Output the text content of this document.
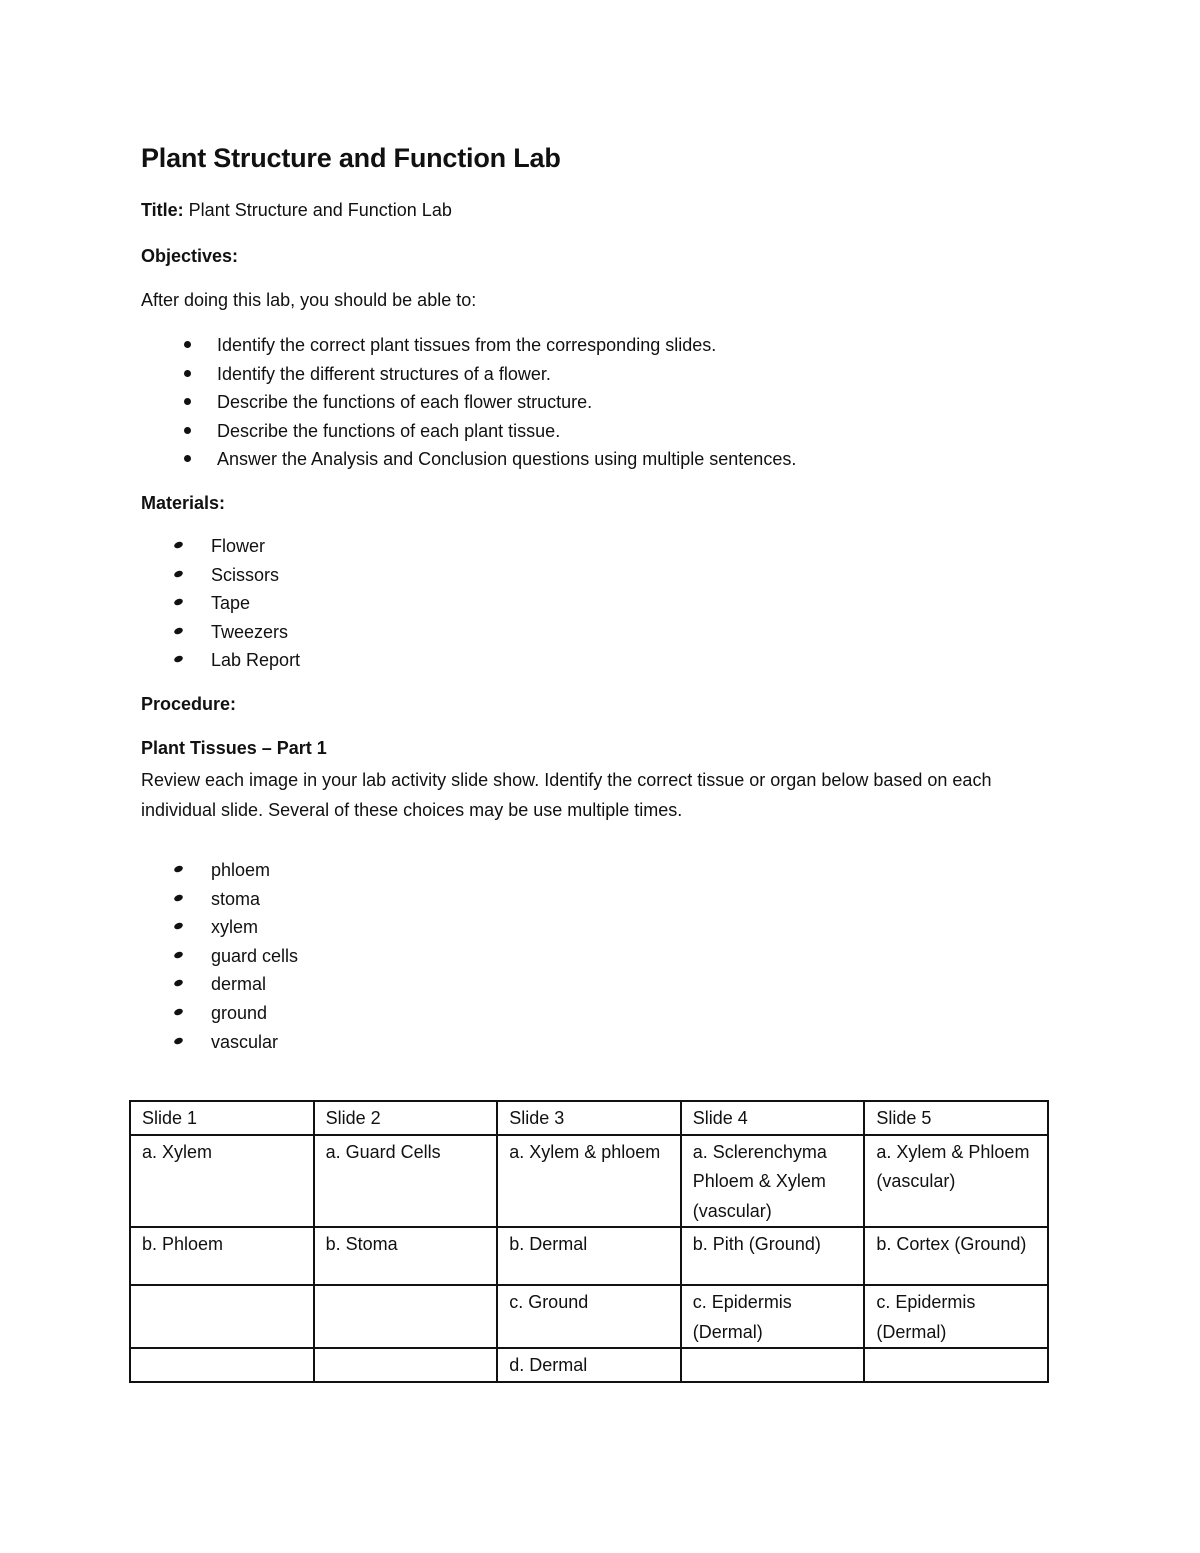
Plant Structure and Function Lab
Title: Plant Structure and Function Lab
Objectives:
After doing this lab, you should be able to:
Identify the correct plant tissues from the corresponding slides.
Identify the different structures of a flower.
Describe the functions of each flower structure.
Describe the functions of each plant tissue.
Answer the Analysis and Conclusion questions using multiple sentences.
Materials:
Flower
Scissors
Tape
Tweezers
Lab Report
Procedure:
Plant Tissues – Part 1
Review each image in your lab activity slide show. Identify the correct tissue or organ below based on each individual slide. Several of these choices may be use multiple times.
phloem
stoma
xylem
guard cells
dermal
ground
vascular
Slide 1	Slide 2	Slide 3	Slide 4	Slide 5
a. Xylem	a. Guard Cells	a. Xylem & phloem	a. Sclerenchyma Phloem & Xylem (vascular)	a. Xylem & Phloem (vascular)
b. Phloem	b. Stoma	b. Dermal	b. Pith (Ground)	b. Cortex (Ground)
		c. Ground	c. Epidermis (Dermal)	c. Epidermis (Dermal)
		d. Dermal		
